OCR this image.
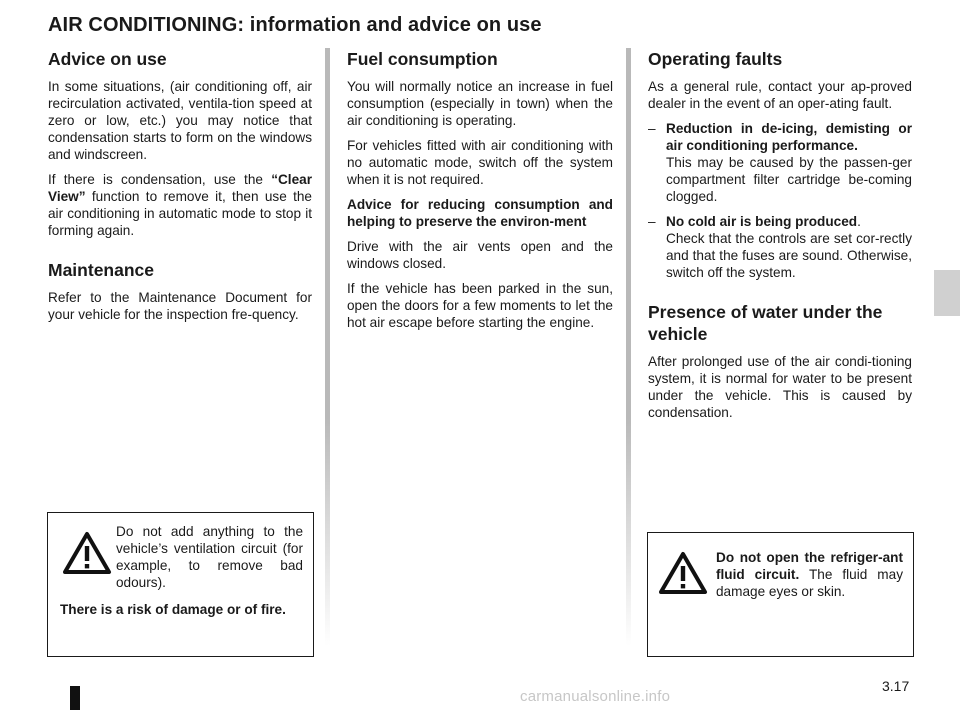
AIR CONDITIONING: information and advice on use
Advice on use

In some situations, (air conditioning off, air recirculation activated, ventila-tion speed at zero or low, etc.) you may notice that condensation starts to form on the windows and windscreen.

If there is condensation, use the “Clear View” function to remove it, then use the air conditioning in automatic mode to stop it forming again.

Maintenance

Refer to the Maintenance Document for your vehicle for the inspection fre-quency.

Fuel consumption

You will normally notice an increase in fuel consumption (especially in town) when the air conditioning is operating.

For vehicles fitted with air conditioning with no automatic mode, switch off the system when it is not required.

Advice for reducing consumption and helping to preserve the environ-ment

Drive with the air vents open and the windows closed.

If the vehicle has been parked in the sun, open the doors for a few moments to let the hot air escape before starting the engine.

Operating faults

As a general rule, contact your ap-proved dealer in the event of an oper-ating fault.

– Reduction in de-icing, demisting or air conditioning performance.
This may be caused by the passen-ger compartment filter cartridge be-coming clogged.
– No cold air is being produced.
Check that the controls are set cor-rectly and that the fuses are sound. Otherwise, switch off the system.
Presence of water under the vehicle

After prolonged use of the air condi-tioning system, it is normal for water to be present under the vehicle. This is caused by condensation.

Do not add anything to the vehicle’s ventilation circuit (for example, to remove bad odours).
There is a risk of damage or of fire.
Do not open the refriger-ant fluid circuit. The fluid may damage eyes or skin.
3.17
carmanualsonline.info
